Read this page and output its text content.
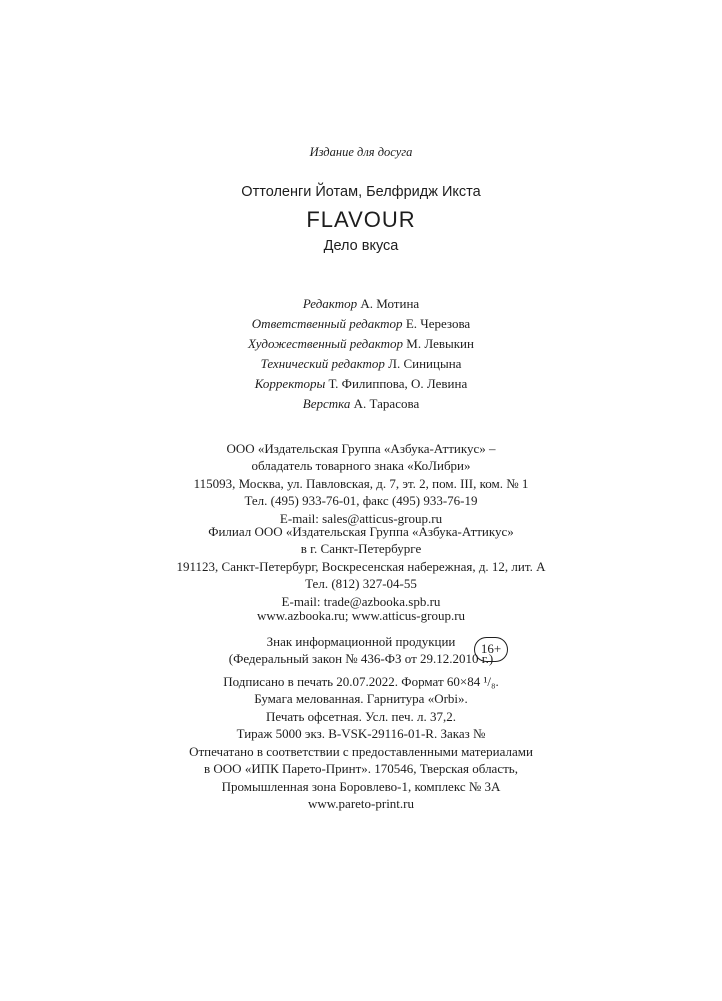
Издание для досуга
Оттоленги Йотам, Белфридж Икста
FLAVOUR
Дело вкуса
Редактор А. Мотина
Ответственный редактор Е. Черезова
Художественный редактор М. Левыкин
Технический редактор Л. Синицына
Корректоры Т. Филиппова, О. Левина
Верстка А. Тарасова
ООО «Издательская Группа «Азбука-Аттикус» –
обладатель товарного знака «КоЛибри»
115093, Москва, ул. Павловская, д. 7, эт. 2, пом. III, ком. № 1
Тел. (495) 933-76-01, факс (495) 933-76-19
E-mail: sales@atticus-group.ru
Филиал ООО «Издательская Группа «Азбука-Аттикус»
в г. Санкт-Петербурге
191123, Санкт-Петербург, Воскресенская набережная, д. 12, лит. А
Тел. (812) 327-04-55
E-mail: trade@azbooka.spb.ru
www.azbooka.ru; www.atticus-group.ru
Знак информационной продукции
(Федеральный закон № 436-ФЗ от 29.12.2010 г.)
16+
Подписано в печать 20.07.2022. Формат 60×84 ¹/₈.
Бумага мелованная. Гарнитура «Orbi».
Печать офсетная. Усл. печ. л. 37,2.
Тираж 5000 экз. B-VSK-29116-01-R. Заказ №
Отпечатано в соответствии с предоставленными материалами
в ООО «ИПК Парето-Принт». 170546, Тверская область,
Промышленная зона Боровлево-1, комплекс № 3А
www.pareto-print.ru
